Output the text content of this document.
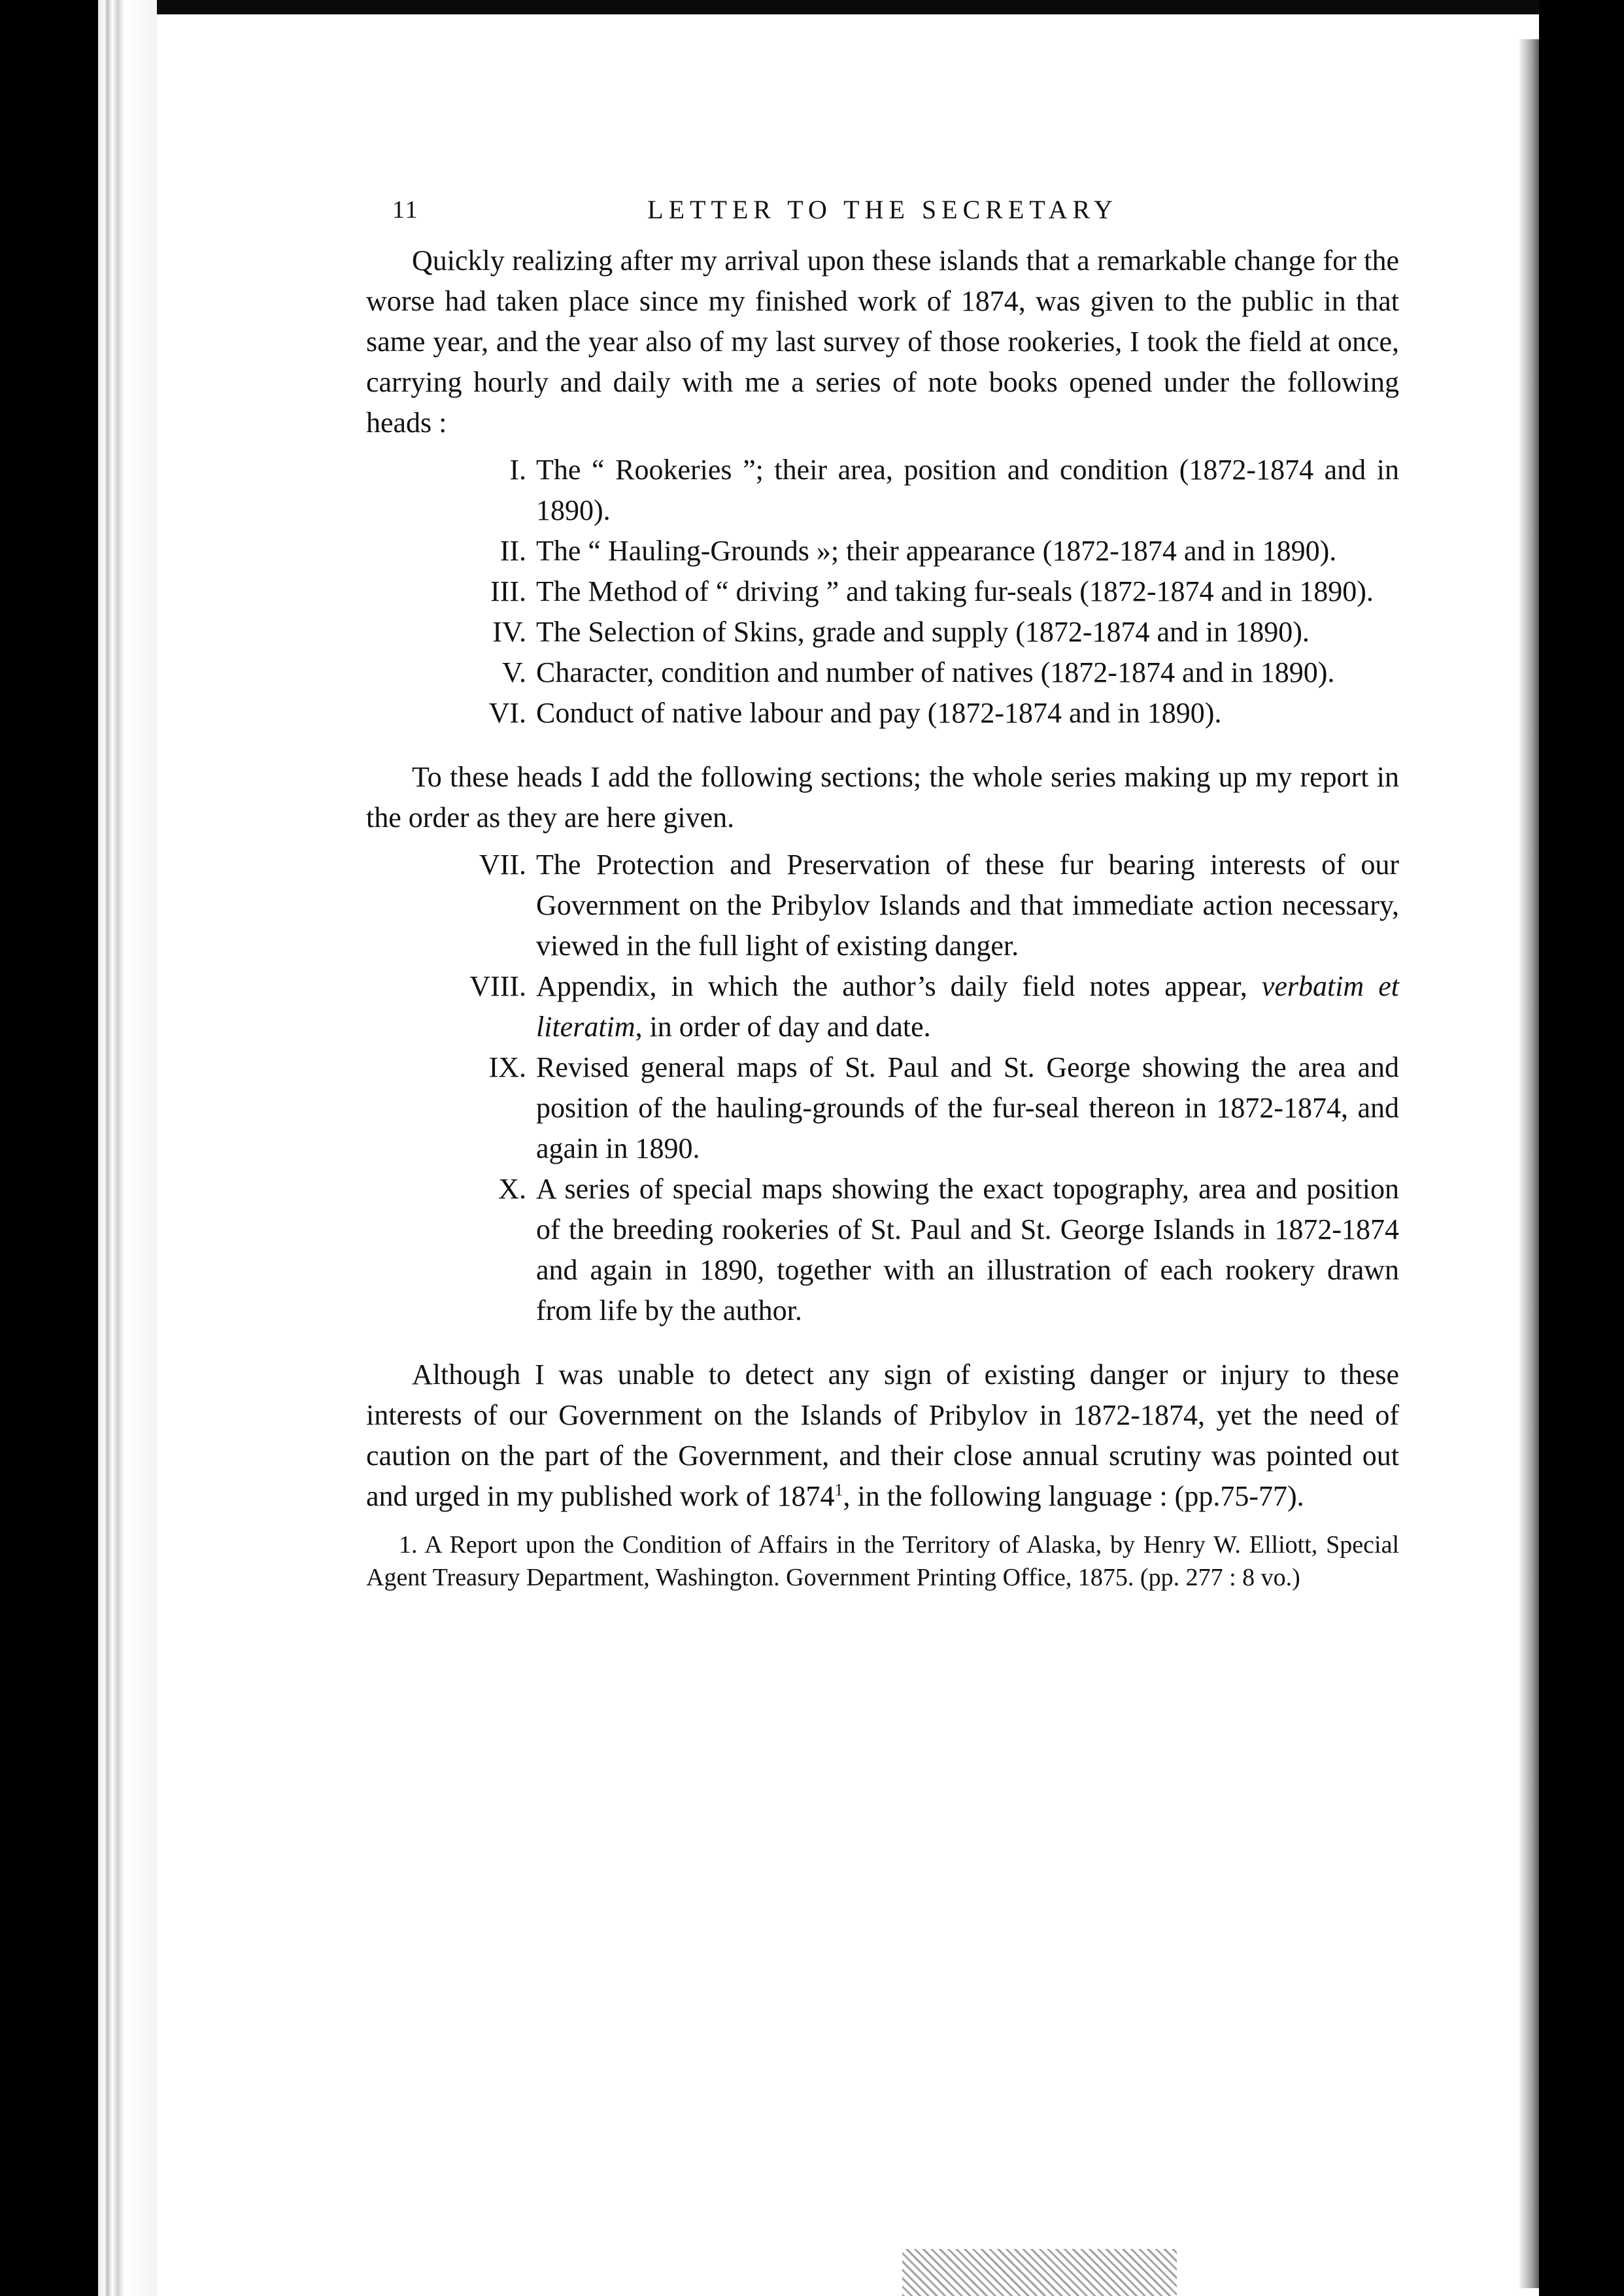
11	LETTER TO THE SECRETARY

Quickly realizing after my arrival upon these islands that a remarkable change for the worse had taken place since my finished work of 1874, was given to the public in that same year, and the year also of my last survey of those rookeries, I took the field at once, carrying hourly and daily with me a series of note books opened under the following heads :

I. The “ Rookeries ”; their area, position and condition (1872-1874 and in 1890).
II. The “ Hauling-Grounds »; their appearance (1872-1874 and in 1890).
III. The Method of “ driving ” and taking fur-seals (1872-1874 and in 1890).
IV. The Selection of Skins, grade and supply (1872-1874 and in 1890).
V. Character, condition and number of natives (1872-1874 and in 1890).
VI. Conduct of native labour and pay (1872-1874 and in 1890).

To these heads I add the following sections; the whole series making up my report in the order as they are here given.

VII. The Protection and Preservation of these fur bearing interests of our Government on the Pribylov Islands and that immediate action necessary, viewed in the full light of existing danger.
VIII. Appendix, in which the author’s daily field notes appear, verbatim et literatim, in order of day and date.
IX. Revised general maps of St. Paul and St. George showing the area and position of the hauling-grounds of the fur-seal thereon in 1872-1874, and again in 1890.
X. A series of special maps showing the exact topography, area and position of the breeding rookeries of St. Paul and St. George Islands in 1872-1874 and again in 1890, together with an illustration of each rookery drawn from life by the author.

Although I was unable to detect any sign of existing danger or injury to these interests of our Government on the Islands of Pribylov in 1872-1874, yet the need of caution on the part of the Government, and their close annual scrutiny was pointed out and urged in my published work of 1874$^1$, in the following language : (pp.75-77).

1. A Report upon the Condition of Affairs in the Territory of Alaska, by Henry W. Elliott, Special Agent Treasury Department, Washington. Government Printing Office, 1875. (pp. 277 : 8 vo.)
